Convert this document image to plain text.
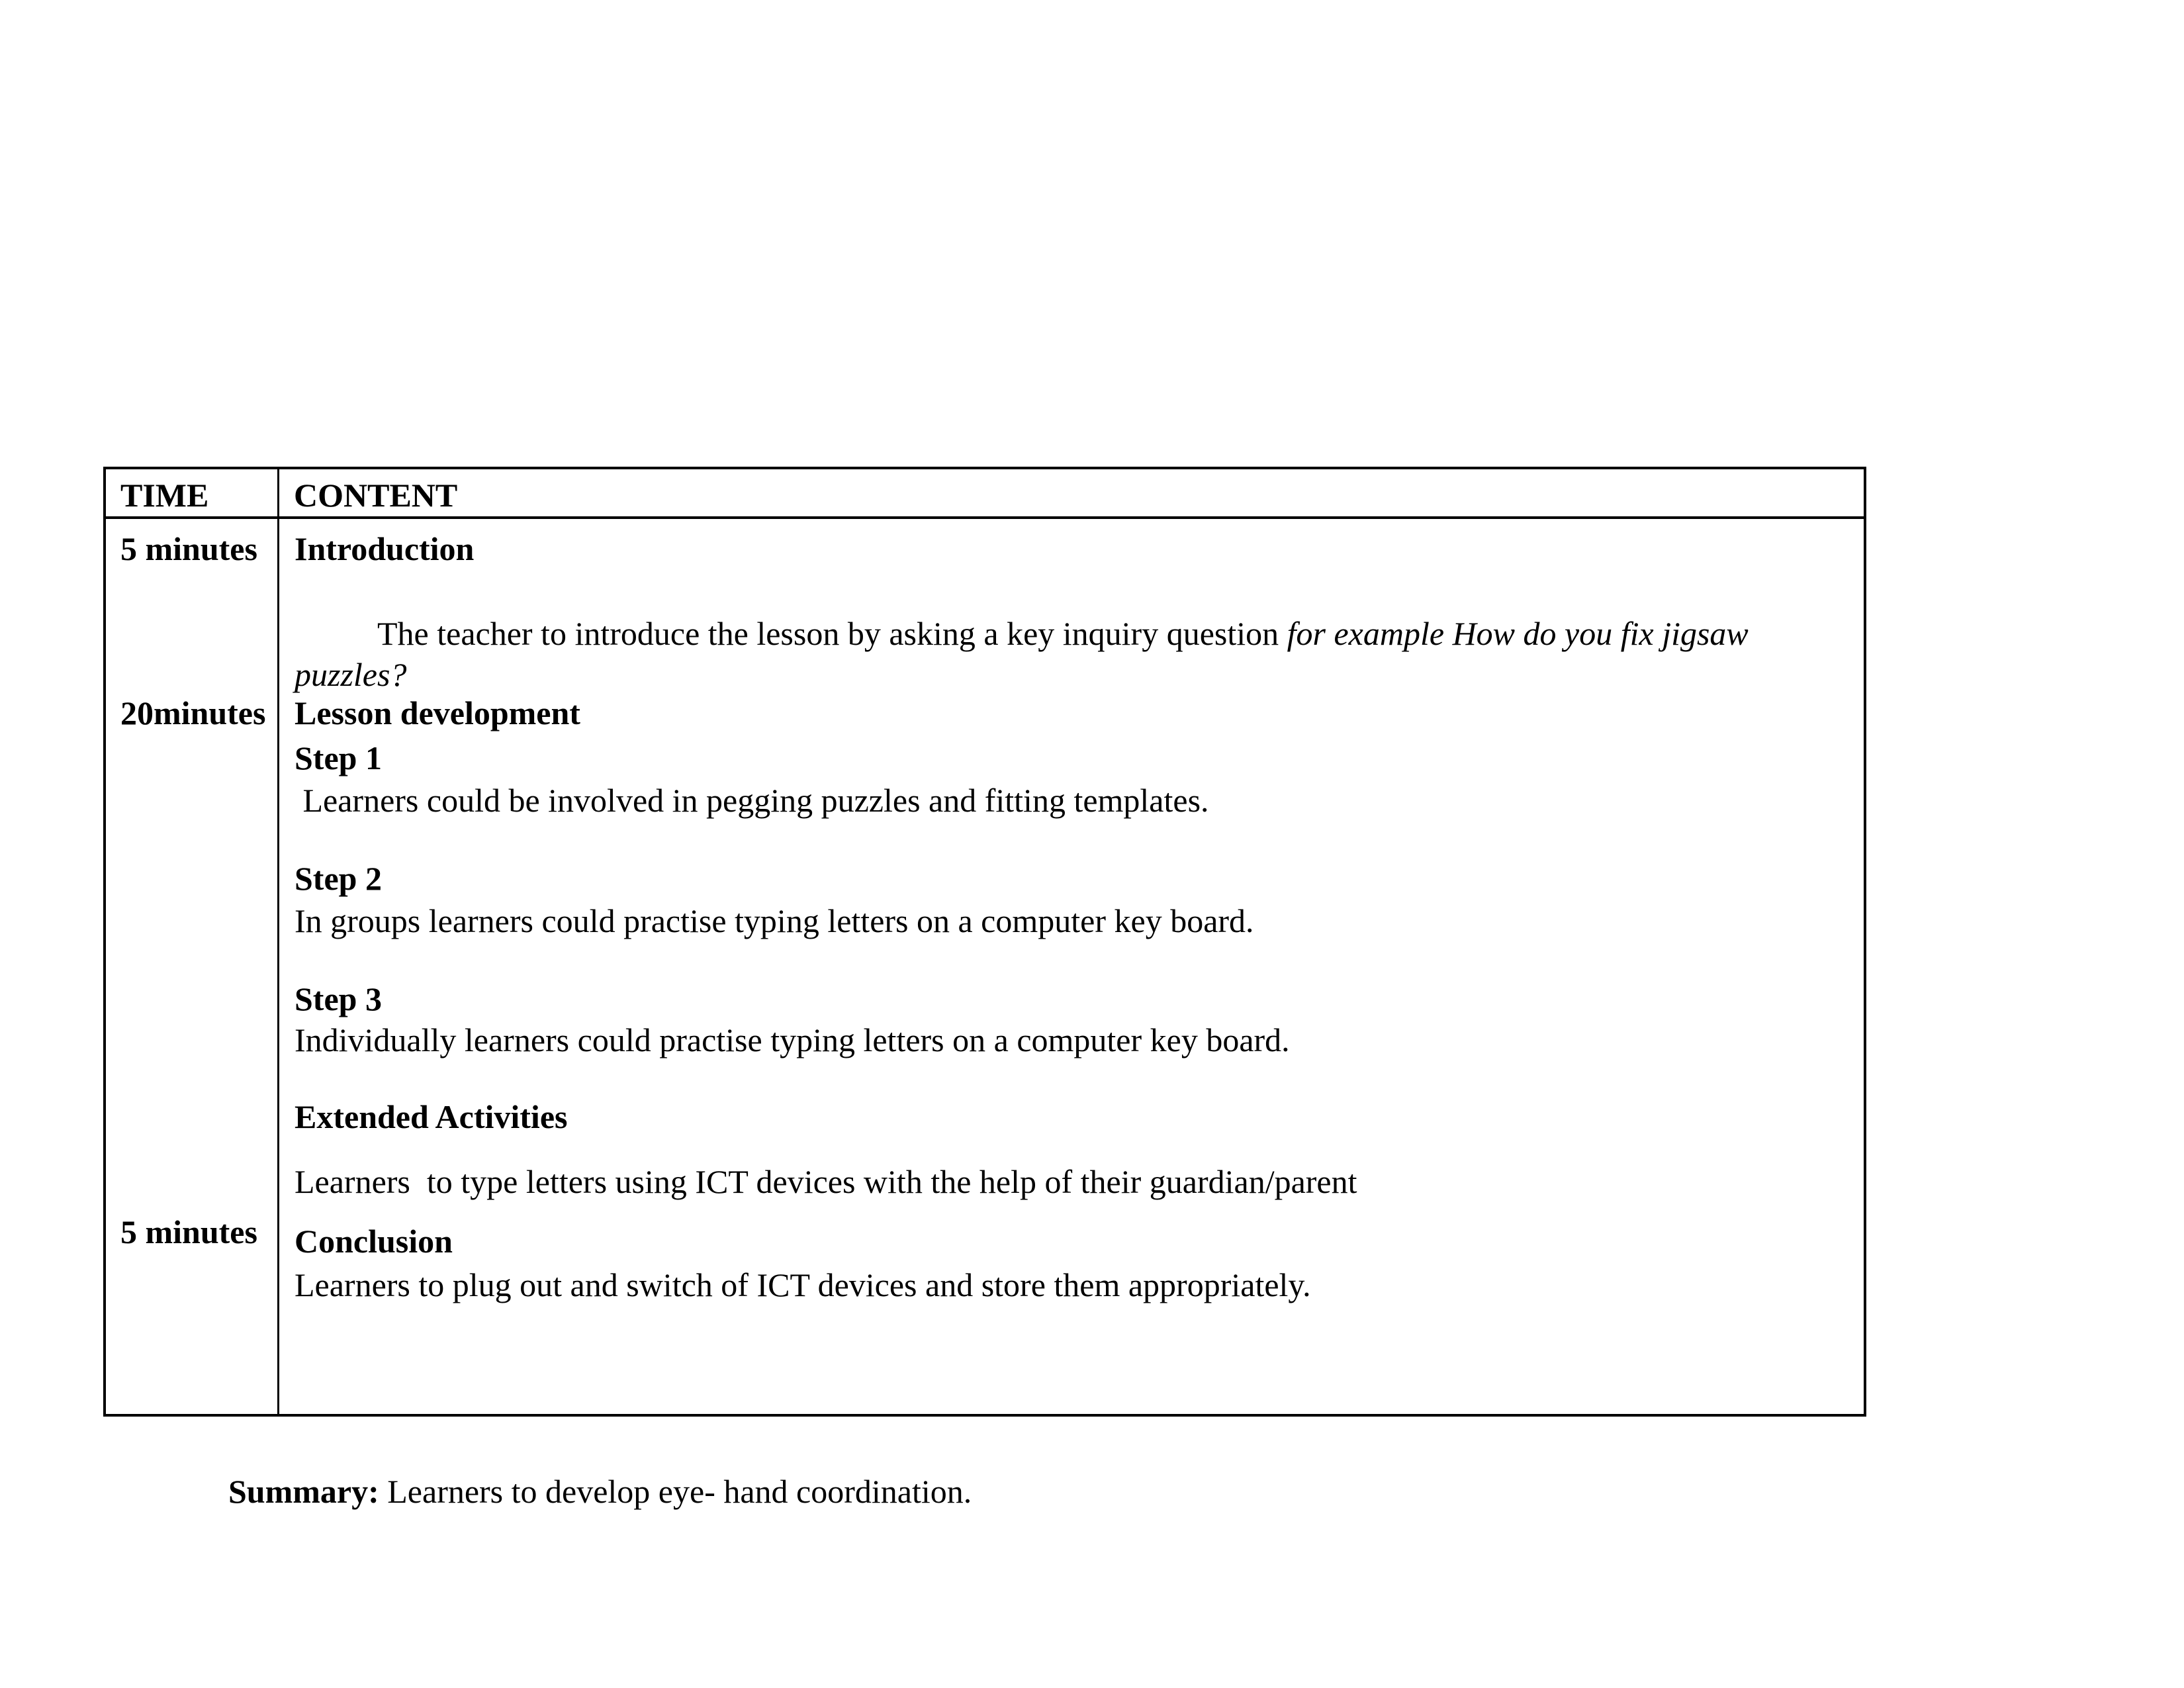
TIME	CONTENT
5 minutes
20minutes
5 minutes
Introduction

The teacher to introduce the lesson by asking a key inquiry question for example How do you fix jigsaw puzzles?

Lesson development
Step 1
Learners could be involved in pegging puzzles and fitting templates.
Step 2
In groups learners could practise typing letters on a computer key board.
Step 3
Individually learners could practise typing letters on a computer key board.
Extended Activities
Learners  to type letters using ICT devices with the help of their guardian/parent
Conclusion
Learners to plug out and switch of ICT devices and store them appropriately.

Summary: Learners to develop eye- hand coordination.
